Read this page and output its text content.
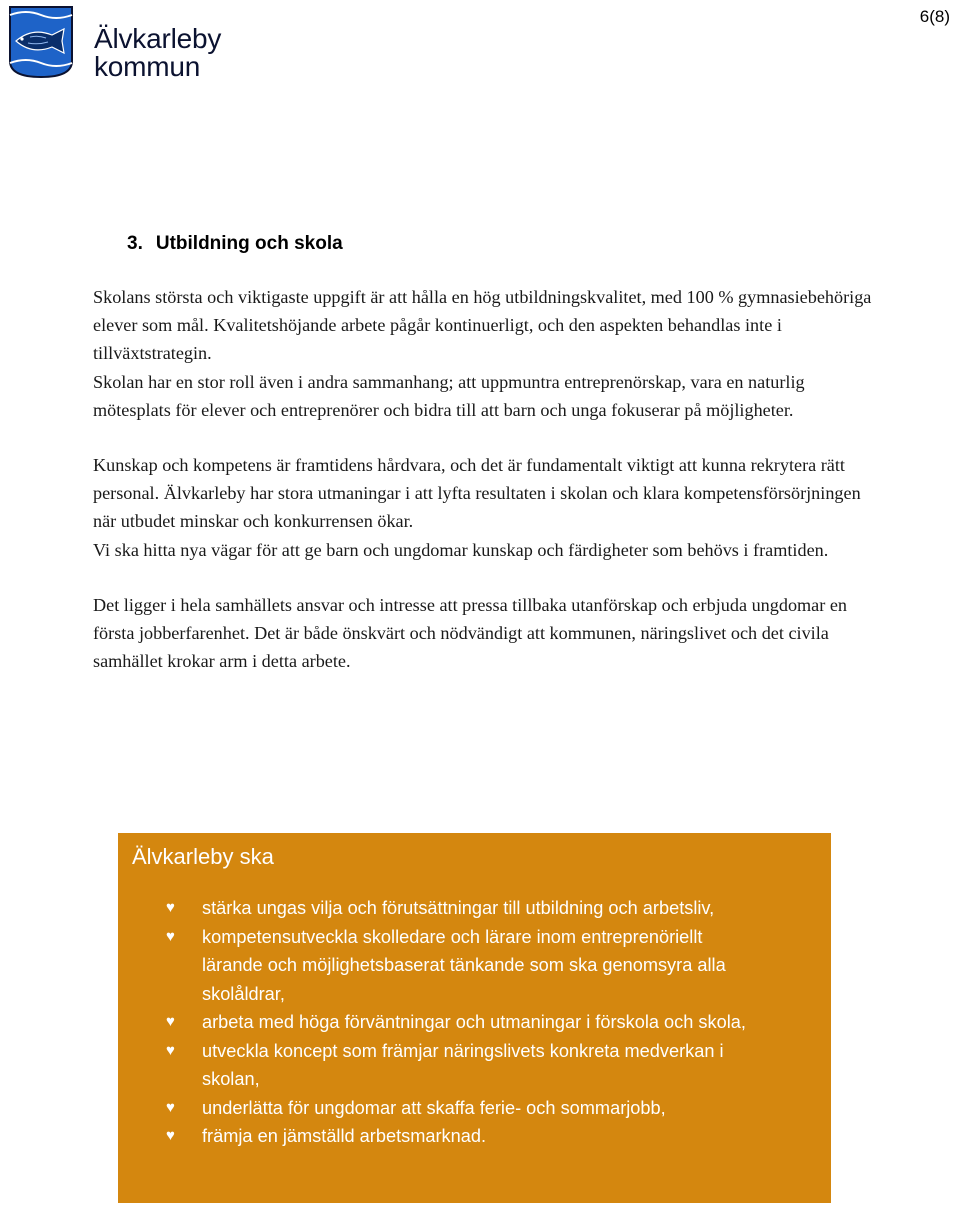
6(8)
Älvkarleby
kommun
3. Utbildning och skola

Skolans största och viktigaste uppgift är att hålla en hög utbildningskvalitet, med 100 % gymnasiebehöriga elever som mål. Kvalitetshöjande arbete pågår kontinuerligt, och den aspekten behandlas inte i tillväxtstrategin.

Skolan har en stor roll även i andra sammanhang; att uppmuntra entreprenörskap, vara en naturlig mötesplats för elever och entreprenörer och bidra till att barn och unga fokuserar på möjligheter.

Kunskap och kompetens är framtidens hårdvara, och det är fundamentalt viktigt att kunna rekrytera rätt personal. Älvkarleby har stora utmaningar i att lyfta resultaten i skolan och klara kompetensförsörjningen när utbudet minskar och konkurrensen ökar.

Vi ska hitta nya vägar för att ge barn och ungdomar kunskap och färdigheter som behövs i framtiden.

Det ligger i hela samhällets ansvar och intresse att pressa tillbaka utanförskap och erbjuda ungdomar en första jobberfarenhet. Det är både önskvärt och nödvändigt att kommunen, näringslivet och det civila samhället krokar arm i detta arbete.

Älvkarleby ska
♥ stärka ungas vilja och förutsättningar till utbildning och arbetsliv,
♥ kompetensutveckla skolledare och lärare inom entreprenöriellt lärande och möjlighetsbaserat tänkande som ska genomsyra alla skolåldrar,
♥ arbeta med höga förväntningar och utmaningar i förskola och skola,
♥ utveckla koncept som främjar näringslivets konkreta medverkan i skolan,
♥ underlätta för ungdomar att skaffa ferie- och sommarjobb,
♥ främja en jämställd arbetsmarknad.
